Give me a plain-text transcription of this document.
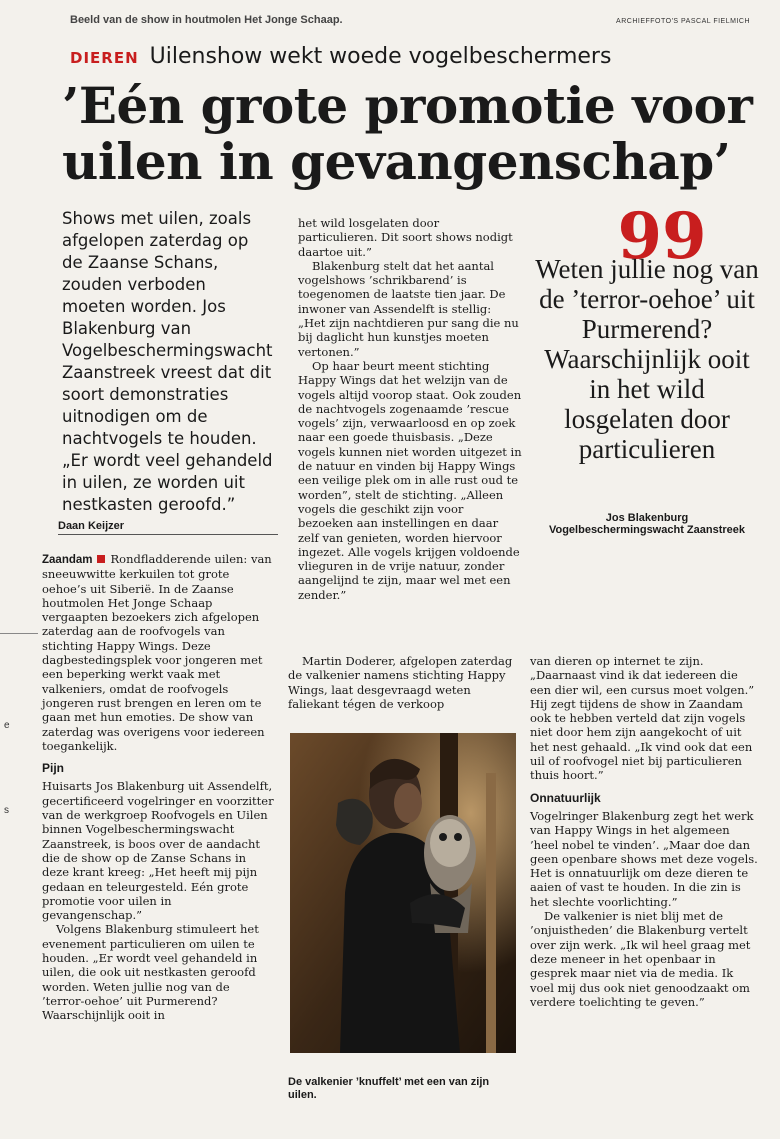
Beeld van de show in houtmolen Het Jonge Schaap.	ARCHIEFFOTO'S PASCAL FIELMICH
DIEREN Uilenshow wekt woede vogelbeschermers
’Eén grote promotie voor
uilen in gevangenschap’
Shows met uilen, zoals afgelopen zaterdag op de Zaanse Schans, zouden verboden moeten worden. Jos Blakenburg van Vogelbeschermingswacht Zaanstreek vreest dat dit soort demonstraties uitnodigen om de nachtvogels te houden. „Er wordt veel gehandeld in uilen, ze worden uit nestkasten geroofd.”
Daan Keijzer
e
s

Zaandam Rondfladderende uilen: van sneeuwwitte kerkuilen tot grote oehoe’s uit Siberië. In de Zaanse houtmolen Het Jonge Schaap vergaapten bezoekers zich afgelopen zaterdag aan de roofvogels van stichting Happy Wings. Deze dagbestedingsplek voor jongeren met een beperking werkt vaak met valkeniers, omdat de roofvogels jongeren rust brengen en leren om te gaan met hun emoties. De show van zaterdag was overigens voor iedereen toegankelijk.

Pijn

Huisarts Jos Blakenburg uit Assendelft, gecertificeerd vogelringer en voorzitter van de werkgroep Roofvogels en Uilen binnen Vogelbeschermingswacht Zaanstreek, is boos over de aandacht die de show op de Zanse Schans in deze krant kreeg: „Het heeft mij pijn gedaan en teleurgesteld. Eén grote promotie voor uilen in gevangenschap.”

Volgens Blakenburg stimuleert het evenement particulieren om uilen te houden. „Er wordt veel gehandeld in uilen, die ook uit nestkasten geroofd worden. Weten jullie nog van de ’terror-oehoe’ uit Purmerend? Waarschijnlijk ooit in

het wild losgelaten door particulieren. Dit soort shows nodigt daartoe uit.”

Blakenburg stelt dat het aantal vogelshows ’schrikbarend’ is toegenomen de laatste tien jaar. De inwoner van Assendelft is stellig: „Het zijn nachtdieren pur sang die nu bij daglicht hun kunstjes moeten vertonen.”

Op haar beurt meent stichting Happy Wings dat het welzijn van de vogels altijd voorop staat. Ook zouden de nachtvogels zogenaamde ’rescue vogels’ zijn, verwaarloosd en op zoek naar een goede thuisbasis. „Deze vogels kunnen niet worden uitgezet in de natuur en vinden bij Happy Wings een veilige plek om in alle rust oud te worden”, stelt de stichting. „Alleen vogels die geschikt zijn voor bezoeken aan instellingen en daar zelf van genieten, worden hiervoor ingezet. Alle vogels krijgen voldoende vlieguren in de vrije natuur, zonder aangelijnd te zijn, maar wel met een zender.”

Martin Doderer, afgelopen zaterdag de valkenier namens stichting Happy Wings, laat desgevraagd weten faliekant tégen de verkoop

99
Weten jullie nog van de ’terror-oehoe’ uit Purmerend? Waarschijnlijk ooit in het wild losgelaten door particulieren
Jos Blakenburg
Vogelbeschermingswacht Zaanstreek

van dieren op internet te zijn. „Daarnaast vind ik dat iedereen die een dier wil, een cursus moet volgen.” Hij zegt tijdens de show in Zaandam ook te hebben verteld dat zijn vogels niet door hem zijn aangekocht of uit het nest gehaald. „Ik vind ook dat een uil of roofvogel niet bij particulieren thuis hoort.”

Onnatuurlijk

Vogelringer Blakenburg zegt het werk van Happy Wings in het algemeen ’heel nobel te vinden’. „Maar doe dan geen openbare shows met deze vogels. Het is onnatuurlijk om deze dieren te aaien of vast te houden. In die zin is het slechte voorlichting.”

De valkenier is niet blij met de ’onjuistheden’ die Blakenburg vertelt over zijn werk. „Ik wil heel graag met deze meneer in het openbaar in gesprek maar niet via de media. Ik voel mij dus ook niet genoodzaakt om verdere toelichting te geven.”

De valkenier ’knuffelt’ met een van zijn uilen.
